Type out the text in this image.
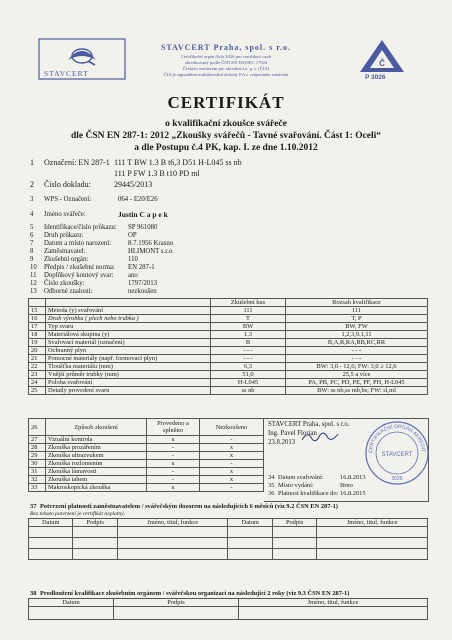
STAVCERT
STAVCERT Praha, spol. s r.o.
Certifikační orgán číslo 3026 pro certifikaci osob
akreditovaný podle ČSN EN ISO/IEC 17024
Českým institutem pro akreditaci o. p. s. (ČIA)
ČIA je signatářem multilaterální dohody EA o vzájemném uznávání
Č
P 3026
CERTIFIKÁT
o kvalifikační zkoušce svářeče
dle ČSN EN 287-1: 2012 „Zkoušky svářečů - Tavné svařování. Část 1: Oceli“
a dle Postupu č.4 PK, kap. I. ze dne 1.10.2012
1 Označení: EN 287-1 111 T BW 1.3 B t6,3 D51 H-L045 ss nb
111 P FW 1.3 B t10 PD ml
2 Číslo dokladu:	29445/2013
3 WPS - Označení:	064 - E20/E26
4 Jméno svářeče:	Justin C a p e k
5 Identifikace/číslo průkazu: SP 961080
6 Druh průkazu:	OP
7 Datum a místo narození: 8.7.1956 Krasno
8 Zaměstnavatel:	HLIMONT s.r.o.
9 Zkušební orgán:	110
10 Předpis / zkušební norma: EN 287-1
11 Doplňkový koutový svar: ano
12 Číslo zkoušky:	1797/2013
13 Odborné znalosti:	nezkoušen
		Zkušební kus	Rozsah kvalifikace
15	Metoda (y) svařování	111	111
16	Druh výrobku ( plech nebo trubka )	T	T, P
17	Typ svaru	BW	BW, FW
18	Materiálová skupina (y)	1.3	1,2,3,9.1,11
19	Svařovací materiál (označení)	B	B,A,R,RA,RB,RC,RR
20	Ochranný plyn	- - -	- - -
21	Pomocné materiály (např. formovací plyn)	- - -	- - -
22	Tloušťka materiálu (mm)	6,3	BW: 3,0 - 12,6; FW: 3,0 ≥ 12,6
23	Vnější průměr trubky (mm)	51,0	25,5 a více
24	Poloha svařování	H-L045	PA, PB, PC, PD, PE, PF, PH, H-L045
25	Detaily provedení svaru	ss nb	BW: ss nb,ss mb,bs; FW: sl,ml
26	Způsob zkoušení	Provedeno a splněno	Nezkoušeno
27	Vizuální kontrola	x	-
28	Zkouška prozářením	-	x
29	Zkouška ultrazvukem	-	x
30	Zkouška rozlomením	x	-
31	Zkouška lámavosti	-	x
32	Zkouška tahem	-	x
33	Makroskopická zkouška	x	-
STAVCERT Praha, spol. s r.o.
Ing. Pavel Florian
23.8.2013
34 Datum svařování:	16.8.2013
35 Místo vydání:	Brno
36 Platnost kvalifikace do: 16.8.2015
CERTIFIKAČNÍ ORGÁN AKREDIT
STAVCERT
3026
37 Potvrzení platnosti zaměstnavatelem / svářečským dozorem na následujících 6 měsíců (viz 9.2 ČSN EN 287-1)
Bez tohoto potvrzení je certifikát neplatný.
Datum	Podpis	Jméno, titul, funkce	Datum	Podpis	Jméno, titul, funkce

38 Prodloužení kvalifikace zkušebním orgánem / svářečskou organizací na následující 2 roky (viz 9.3 ČSN EN 287-1)
Datum	Podpis	Jméno, titul, funkce
